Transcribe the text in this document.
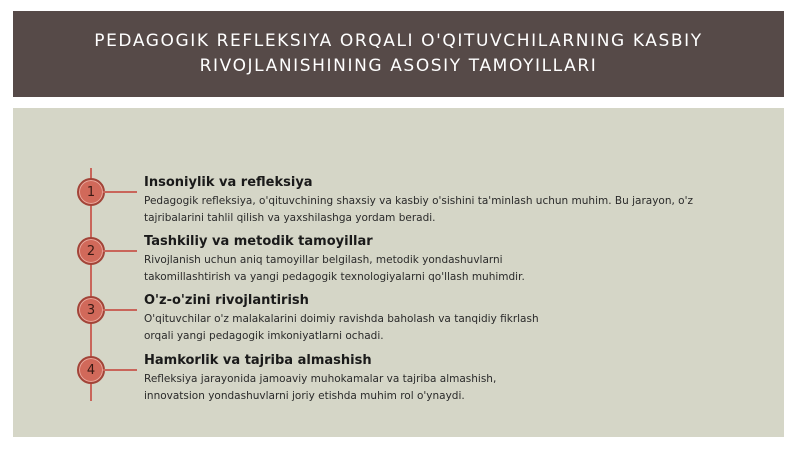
PEDAGOGIK REFLEKSIYA ORQALI O'QITUVCHILARNING KASBIY
RIVOJLANISHINING ASOSIY TAMOYILLARI
1
Insoniylik va refleksiya
Pedagogik refleksiya, o'qituvchining shaxsiy va kasbiy o'sishini ta'minlash uchun muhim. Bu jarayon, o'z
tajribalarini tahlil qilish va yaxshilashga yordam beradi.
2
Tashkiliy va metodik tamoyillar
Rivojlanish uchun aniq tamoyillar belgilash, metodik yondashuvlarni
takomillashtirish va yangi pedagogik texnologiyalarni qo'llash muhimdir.
3
O'z-o'zini rivojlantirish
O'qituvchilar o'z malakalarini doimiy ravishda baholash va tanqidiy fikrlash
orqali yangi pedagogik imkoniyatlarni ochadi.
4
Hamkorlik va tajriba almashish
Refleksiya jarayonida jamoaviy muhokamalar va tajriba almashish,
innovatsion yondashuvlarni joriy etishda muhim rol o'ynaydi.
